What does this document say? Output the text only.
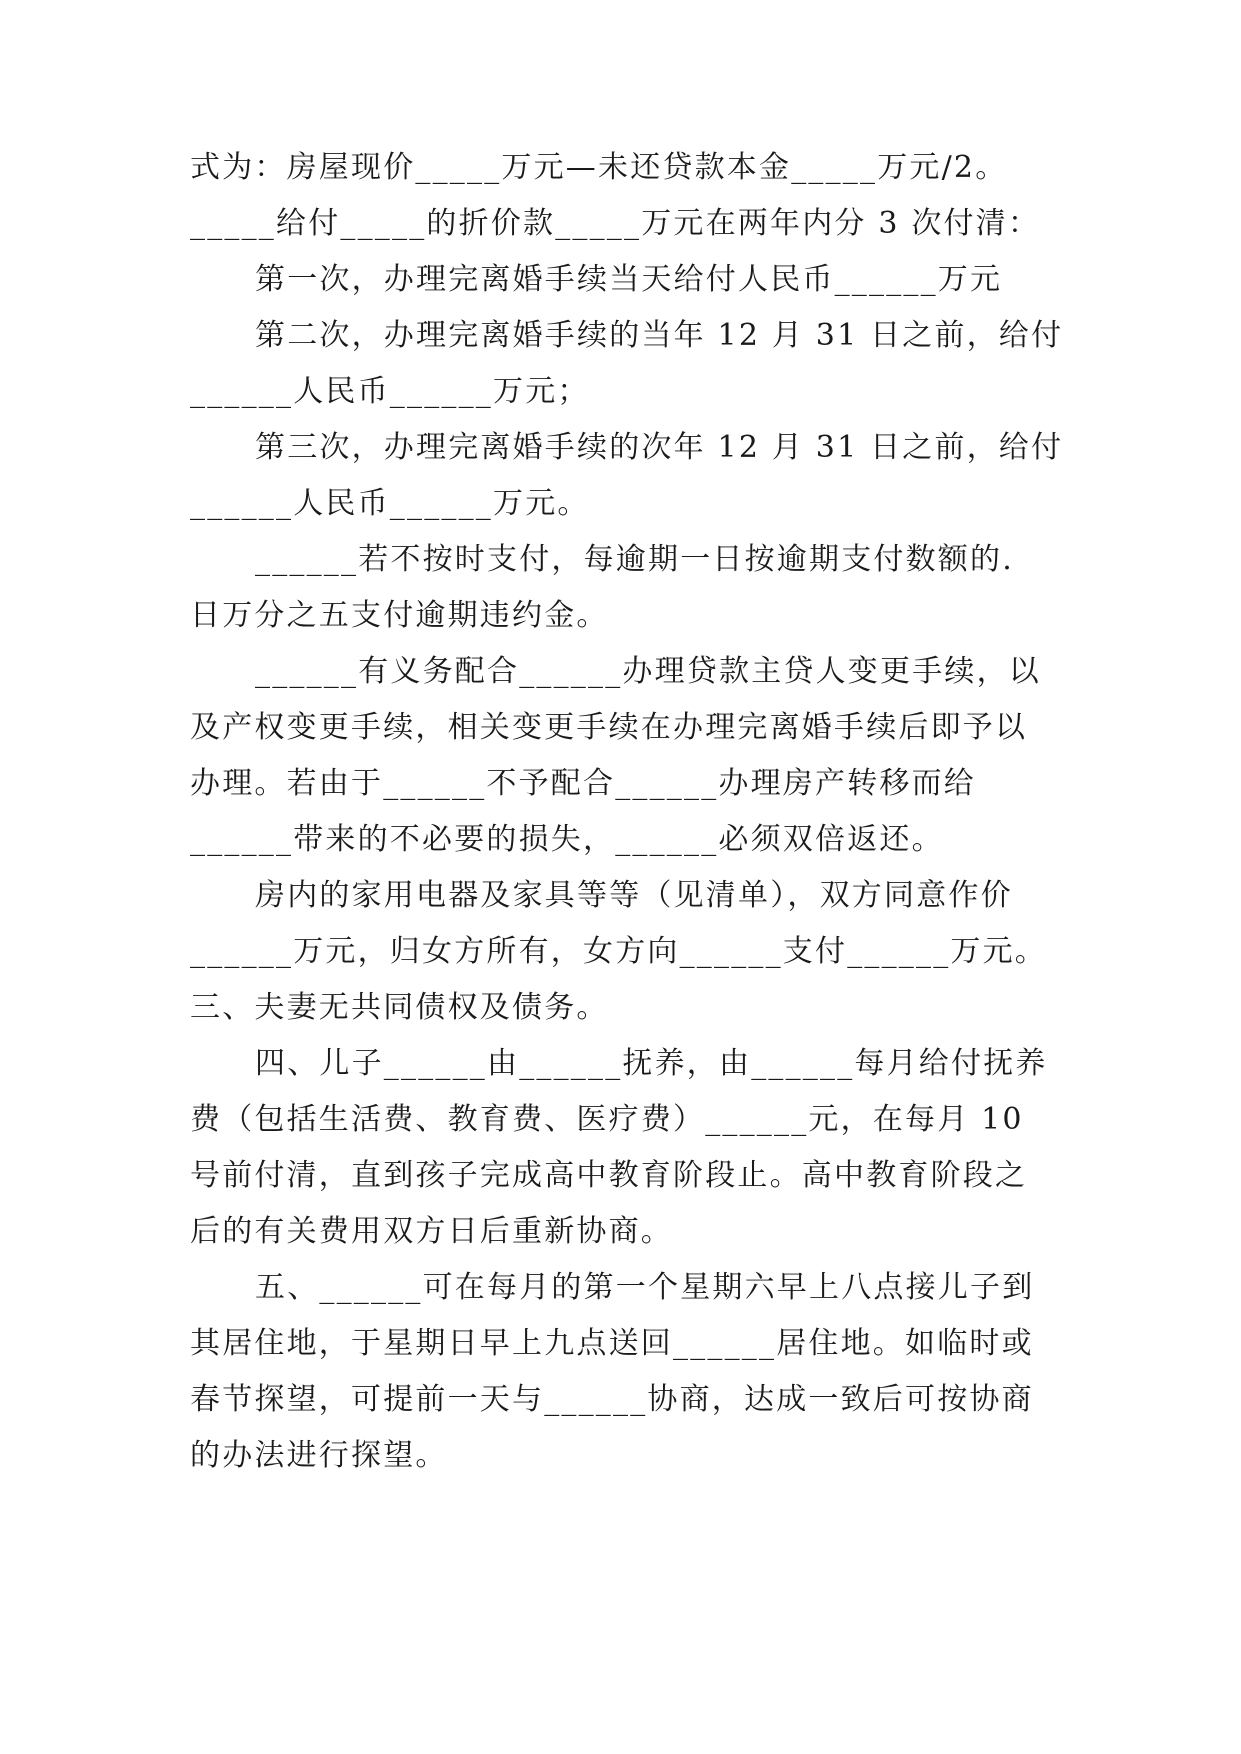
式为：房屋现价_____万元—未还贷款本金_____万元/2。
_____给付_____的折价款_____万元在两年内分 3 次付清：
第一次，办理完离婚手续当天给付人民币______万元
第二次，办理完离婚手续的当年 12 月 31 日之前，给付
______人民币______万元；
第三次，办理完离婚手续的次年 12 月 31 日之前，给付
______人民币______万元。
______若不按时支付，每逾期一日按逾期支付数额的.
日万分之五支付逾期违约金。
______有义务配合______办理贷款主贷人变更手续，以
及产权变更手续，相关变更手续在办理完离婚手续后即予以
办理。若由于______不予配合______办理房产转移而给
______带来的不必要的损失，______必须双倍返还。
房内的家用电器及家具等等（见清单），双方同意作价
______万元，归女方所有，女方向______支付______万元。
三、夫妻无共同债权及债务。
四、儿子______由______抚养，由______每月给付抚养
费（包括生活费、教育费、医疗费）______元，在每月 10
号前付清，直到孩子完成高中教育阶段止。高中教育阶段之
后的有关费用双方日后重新协商。
五、______可在每月的第一个星期六早上八点接儿子到
其居住地，于星期日早上九点送回______居住地。如临时或
春节探望，可提前一天与______协商，达成一致后可按协商
的办法进行探望。
